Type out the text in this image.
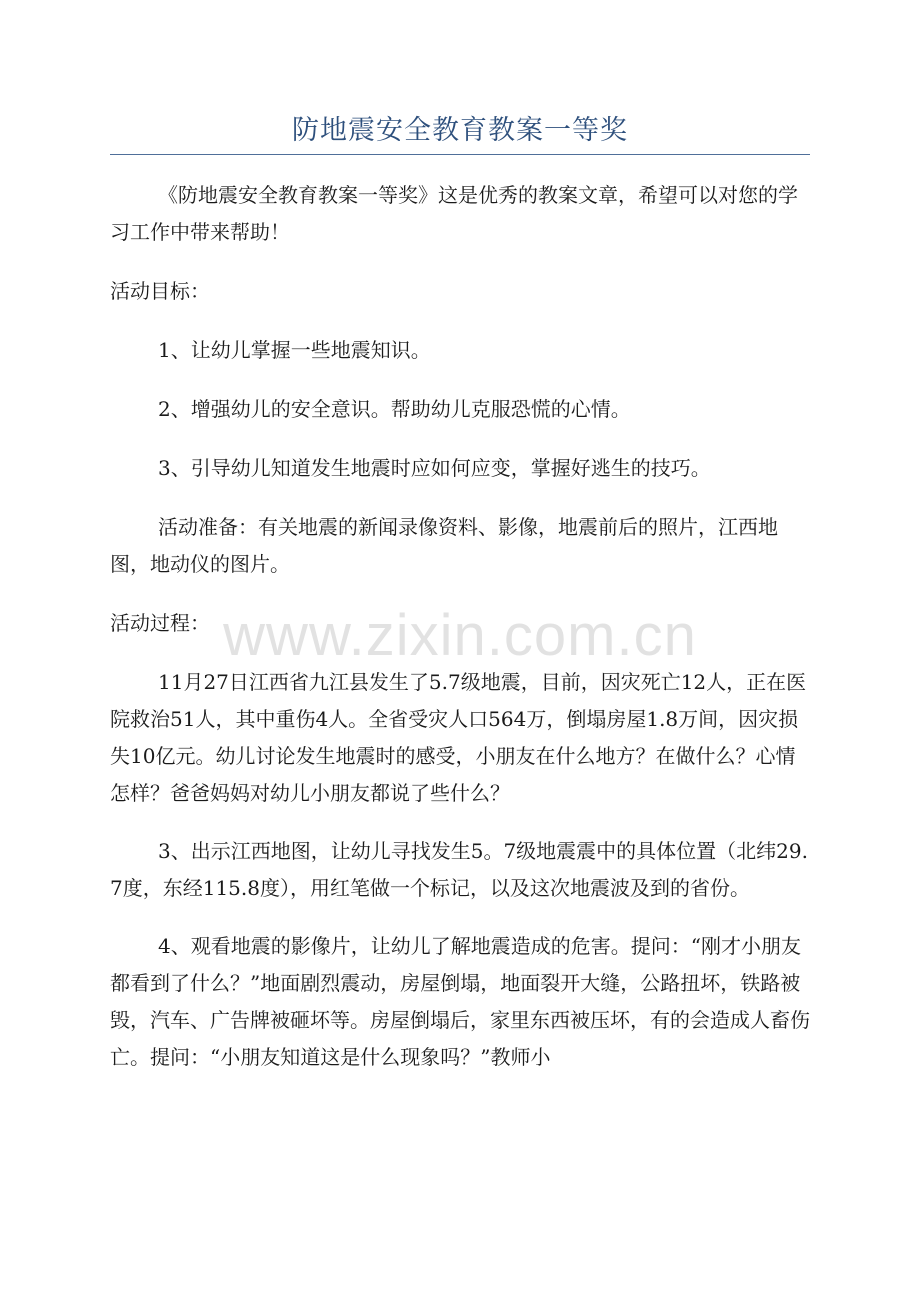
防地震安全教育教案一等奖

《防地震安全教育教案一等奖》这是优秀的教案文章，希望可以对您的学习工作中带来帮助！

活动目标：

1、让幼儿掌握一些地震知识。

2、增强幼儿的安全意识。帮助幼儿克服恐慌的心情。

3、引导幼儿知道发生地震时应如何应变，掌握好逃生的技巧。

活动准备：有关地震的新闻录像资料、影像，地震前后的照片，江西地图，地动仪的图片。

活动过程：

11月27日江西省九江县发生了5.7级地震，目前，因灾死亡12人，正在医院救治51人，其中重伤4人。全省受灾人口564万，倒塌房屋1.8万间，因灾损失10亿元。幼儿讨论发生地震时的感受，小朋友在什么地方？在做什么？心情怎样？爸爸妈妈对幼儿小朋友都说了些什么？

3、出示江西地图，让幼儿寻找发生5。7级地震震中的具体位置（北纬29.7度，东经115.8度），用红笔做一个标记，以及这次地震波及到的省份。

4、观看地震的影像片，让幼儿了解地震造成的危害。提问：“刚才小朋友都看到了什么？”地面剧烈震动，房屋倒塌，地面裂开大缝，公路扭坏，铁路被毁，汽车、广告牌被砸坏等。房屋倒塌后，家里东西被压坏，有的会造成人畜伤亡。提问：“小朋友知道这是什么现象吗？”教师小

www.zixin.com.cn
